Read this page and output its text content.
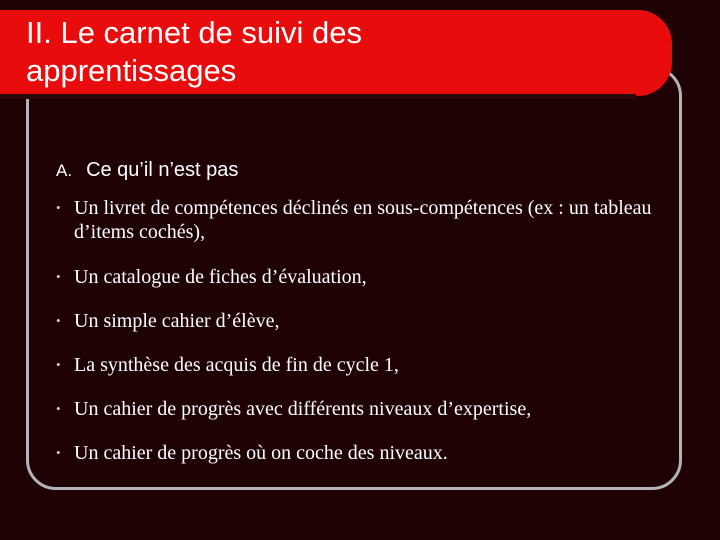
II. Le carnet de suivi des
apprentissages
A. Ce qu’il n’est pas
• Un livret de compétences déclinés en sous-compétences (ex : un tableau d’items cochés),
• Un catalogue de fiches d’évaluation,
• Un simple cahier d’élève,
• La synthèse des acquis de fin de cycle 1,
• Un cahier de progrès avec différents niveaux d’expertise,
• Un cahier de progrès où on coche des niveaux.
